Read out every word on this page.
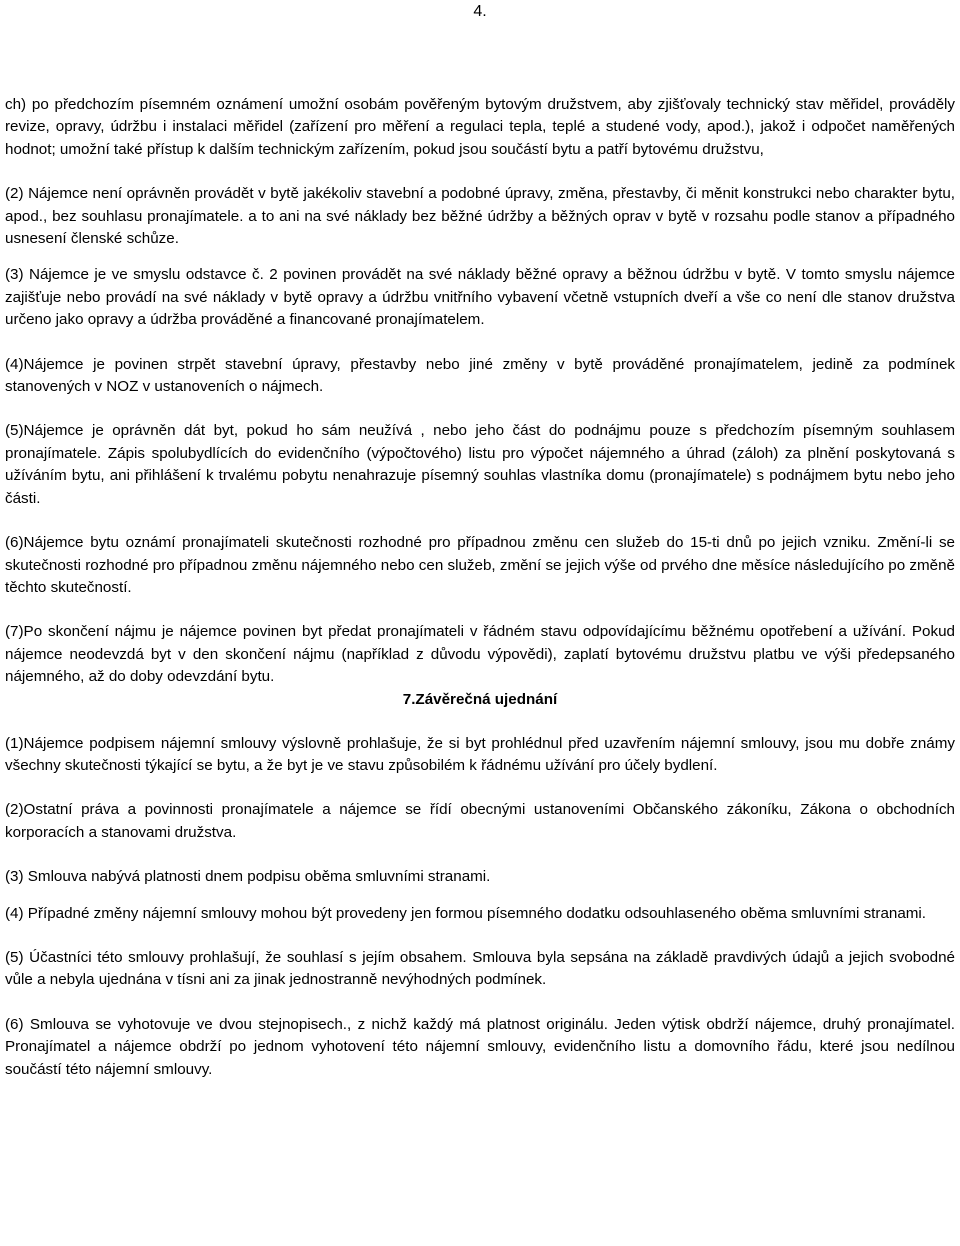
4.

ch) po předchozím písemném oznámení umožní osobám pověřeným bytovým družstvem, aby zjišťovaly technický stav měřidel, prováděly revize, opravy, údržbu i instalaci měřidel (zařízení pro měření a regulaci tepla, teplé a studené vody, apod.), jakož i odpočet naměřených hodnot; umožní také přístup k dalším technickým zařízením, pokud jsou součástí bytu a patří bytovému družstvu,

(2) Nájemce není oprávněn provádět v bytě jakékoliv stavební a podobné úpravy, změna, přestavby, či měnit konstrukci nebo charakter bytu, apod., bez souhlasu pronajímatele. a to ani na své náklady bez běžné údržby a běžných oprav v bytě v rozsahu podle stanov a případného usnesení členské schůze.

(3) Nájemce je ve smyslu odstavce č. 2 povinen provádět na své náklady běžné opravy a běžnou údržbu v bytě. V tomto smyslu nájemce zajišťuje nebo provádí na své náklady v bytě opravy a údržbu vnitřního vybavení včetně vstupních dveří a vše co není dle stanov družstva určeno jako opravy a údržba prováděné a financované pronajímatelem.

(4)Nájemce je povinen strpět stavební úpravy, přestavby nebo jiné změny v bytě prováděné pronajímatelem, jedině za podmínek stanovených v NOZ v ustanoveních o nájmech.

(5)Nájemce je oprávněn dát byt, pokud ho sám neužívá , nebo jeho část do podnájmu pouze s předchozím písemným souhlasem pronajímatele. Zápis spolubydlících do evidenčního (výpočtového) listu pro výpočet nájemného a úhrad (záloh) za plnění poskytovaná s užíváním bytu, ani přihlášení k trvalému pobytu nenahrazuje písemný souhlas vlastníka domu (pronajímatele) s podnájmem bytu nebo jeho části.

(6)Nájemce bytu oznámí pronajímateli skutečnosti rozhodné pro případnou změnu cen služeb do 15-ti dnů po jejich vzniku. Změní-li se skutečnosti rozhodné pro případnou změnu nájemného nebo cen služeb, změní se jejich výše od prvého dne měsíce následujícího po změně těchto skutečností.

(7)Po skončení nájmu je nájemce povinen byt předat pronajímateli v řádném stavu odpovídajícímu běžnému opotřebení a užívání. Pokud nájemce neodevzdá byt v den skončení nájmu (například z důvodu výpovědi), zaplatí bytovému družstvu platbu ve výši předepsaného nájemného, až do doby odevzdání bytu.

7.Závěrečná ujednání

(1)Nájemce podpisem nájemní smlouvy výslovně prohlašuje, že si byt prohlédnul před uzavřením nájemní smlouvy, jsou mu dobře známy všechny skutečnosti týkající se bytu, a že byt je ve stavu způsobilém k řádnému užívání pro účely bydlení.

(2)Ostatní práva a povinnosti pronajímatele a nájemce se řídí obecnými ustanoveními Občanského zákoníku, Zákona o obchodních korporacích a stanovami družstva.

(3) Smlouva nabývá platnosti dnem podpisu oběma smluvními stranami.

(4) Případné změny nájemní smlouvy mohou být provedeny jen formou písemného dodatku odsouhlaseného oběma smluvními stranami.

(5) Účastníci této smlouvy prohlašují, že souhlasí s jejím obsahem. Smlouva byla sepsána na základě pravdivých údajů a jejich svobodné vůle a nebyla ujednána v tísni ani za jinak jednostranně nevýhodných podmínek.

(6) Smlouva se vyhotovuje ve dvou stejnopisech., z nichž každý má platnost originálu. Jeden výtisk obdrží nájemce, druhý pronajímatel. Pronajímatel a nájemce obdrží po jednom vyhotovení této nájemní smlouvy, evidenčního listu a domovního řádu, které jsou nedílnou součástí této nájemní smlouvy.
